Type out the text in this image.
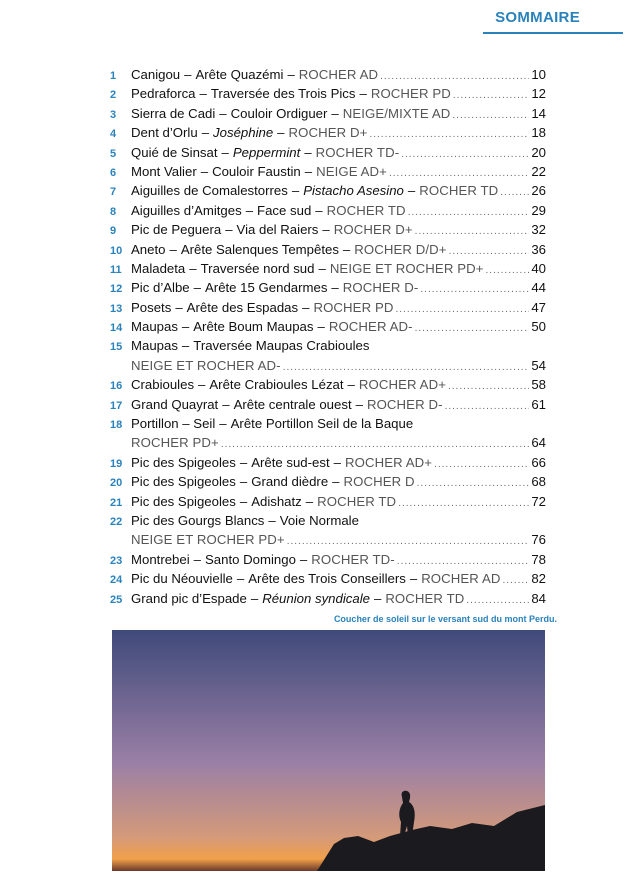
SOMMAIRE
1	Canigou – Arête Quazémi – ROCHER AD .....	10
2	Pedraforca – Traversée des Trois Pics – ROCHER PD .....	12
3	Sierra de Cadi – Couloir Ordiguer – NEIGE/MIXTE AD .....	14
4	Dent d’Orlu – Joséphine – ROCHER D+ .....	18
5	Quié de Sinsat – Peppermint – ROCHER TD- .....	20
6	Mont Valier – Couloir Faustin – NEIGE AD+ .....	22
7	Aiguilles de Comalestorres – Pistacho Asesino – ROCHER TD .....	26
8	Aiguilles d’Amitges – Face sud – ROCHER TD .....	29
9	Pic de Peguera – Via del Raiers – ROCHER D+ .....	32
10 Aneto – Arête Salenques Tempêtes – ROCHER D/D+ .....	36
11 Maladeta – Traversée nord sud – NEIGE ET ROCHER PD+ .....	40
12 Pic d’Albe – Arête 15 Gendarmes – ROCHER D- .....	44
13 Posets – Arête des Espadas – ROCHER PD .....	47
14 Maupas – Arête Boum Maupas – ROCHER AD- .....	50
15 Maupas – Traversée Maupas Crabioules
NEIGE ET ROCHER AD- .....	54
16 Crabioules – Arête Crabioules Lézat – ROCHER AD+ .....	58
17 Grand Quayrat – Arête centrale ouest – ROCHER D- .....	61
18 Portillon – Seil – Arête Portillon Seil de la Baque
ROCHER PD+ .....	64
19 Pic des Spigeoles – Arête sud-est – ROCHER AD+ .....	66
20 Pic des Spigeoles – Grand dièdre – ROCHER D .....	68
21 Pic des Spigeoles – Adishatz – ROCHER TD .....	72
22 Pic des Gourgs Blancs – Voie Normale
NEIGE ET ROCHER PD+ .....	76
23 Montrebei – Santo Domingo – ROCHER TD- .....	78
24 Pic du Néouvielle – Arête des Trois Conseillers – ROCHER AD ..... 82
25 Grand pic d’Espade – Réunion syndicale – ROCHER TD .....	84
Coucher de soleil sur le versant sud du mont Perdu.
